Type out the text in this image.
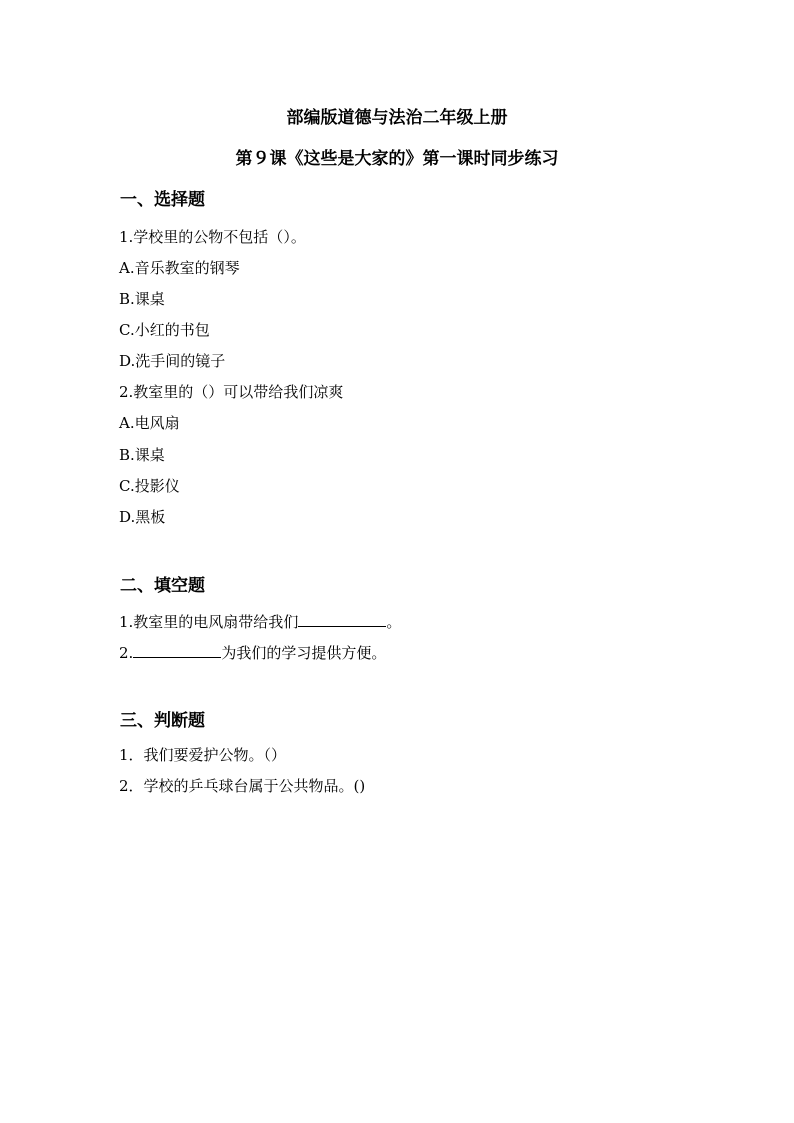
部编版道德与法治二年级上册
第９课《这些是大家的》第一课时同步练习
一、选择题
1.学校里的公物不包括（）。
A.音乐教室的钢琴
B.课桌
C.小红的书包
D.洗手间的镜子
2.教室里的（）可以带给我们凉爽
A.电风扇
B.课桌
C.投影仪
D.黑板
二、填空题
1.教室里的电风扇带给我们	。
2.	为我们的学习提供方便。
三、判断题
1．我们要爱护公物。（）
2．学校的乒乓球台属于公共物品。()
